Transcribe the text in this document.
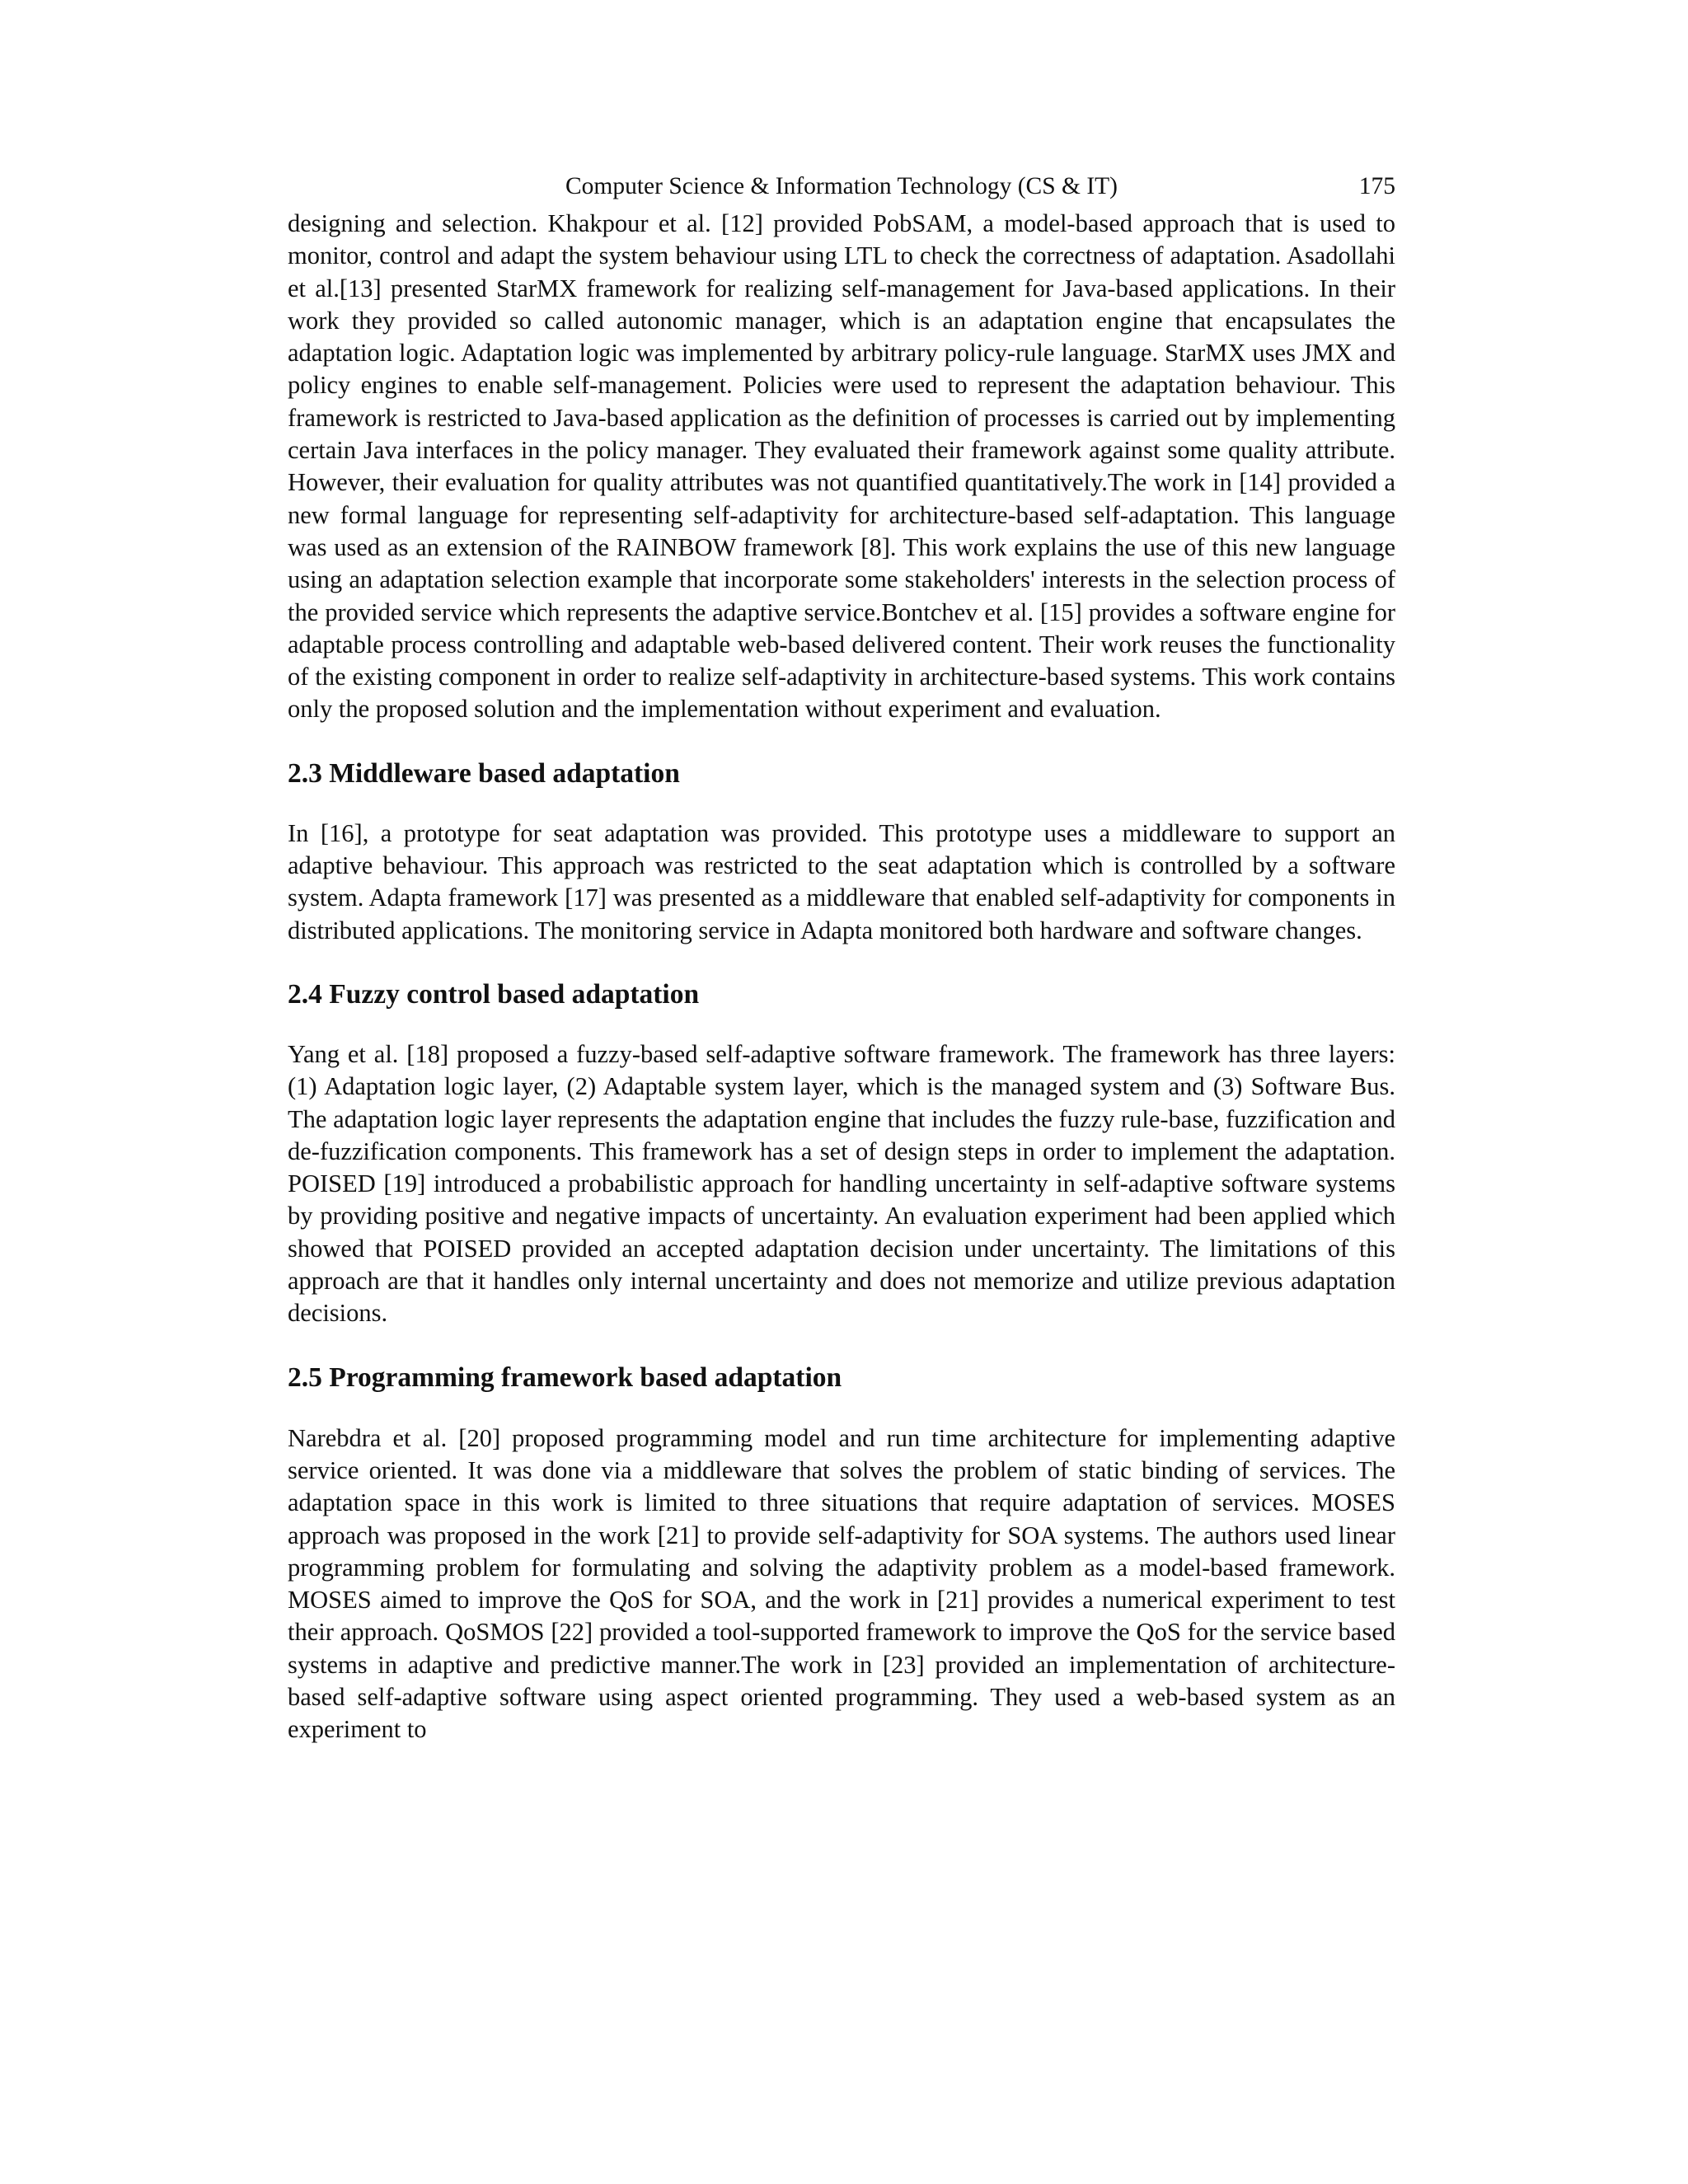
Computer Science & Information Technology (CS & IT)	175

designing and selection. Khakpour et al. [12] provided PobSAM, a model-based approach that is used to monitor, control and adapt the system behaviour using LTL to check the correctness of adaptation. Asadollahi et al.[13] presented StarMX framework for realizing self-management for Java-based applications. In their work they provided so called autonomic manager, which is an adaptation engine that encapsulates the adaptation logic. Adaptation logic was implemented by arbitrary policy-rule language. StarMX uses JMX and policy engines to enable self-management. Policies were used to represent the adaptation behaviour. This framework is restricted to Java-based application as the definition of processes is carried out by implementing certain Java interfaces in the policy manager. They evaluated their framework against some quality attribute. However, their evaluation for quality attributes was not quantified quantitatively.The work in [14] provided a new formal language for representing self-adaptivity for architecture-based self-adaptation. This language was used as an extension of the RAINBOW framework [8]. This work explains the use of this new language using an adaptation selection example that incorporate some stakeholders' interests in the selection process of the provided service which represents the adaptive service.Bontchev et al. [15] provides a software engine for adaptable process controlling and adaptable web-based delivered content. Their work reuses the functionality of the existing component in order to realize self-adaptivity in architecture-based systems. This work contains only the proposed solution and the implementation without experiment and evaluation.

2.3 Middleware based adaptation

In [16], a prototype for seat adaptation was provided. This prototype uses a middleware to support an adaptive behaviour. This approach was restricted to the seat adaptation which is controlled by a software system. Adapta framework [17] was presented as a middleware that enabled self-adaptivity for components in distributed applications. The monitoring service in Adapta monitored both hardware and software changes.

2.4 Fuzzy control based adaptation

Yang et al. [18] proposed a fuzzy-based self-adaptive software framework. The framework has three layers: (1) Adaptation logic layer, (2) Adaptable system layer, which is the managed system and (3) Software Bus. The adaptation logic layer represents the adaptation engine that includes the fuzzy rule-base, fuzzification and de-fuzzification components. This framework has a set of design steps in order to implement the adaptation. POISED [19] introduced a probabilistic approach for handling uncertainty in self-adaptive software systems by providing positive and negative impacts of uncertainty. An evaluation experiment had been applied which showed that POISED provided an accepted adaptation decision under uncertainty. The limitations of this approach are that it handles only internal uncertainty and does not memorize and utilize previous adaptation decisions.

2.5 Programming framework based adaptation

Narebdra et al. [20] proposed programming model and run time architecture for implementing adaptive service oriented. It was done via a middleware that solves the problem of static binding of services. The adaptation space in this work is limited to three situations that require adaptation of services. MOSES approach was proposed in the work [21] to provide self-adaptivity for SOA systems. The authors used linear programming problem for formulating and solving the adaptivity problem as a model-based framework. MOSES aimed to improve the QoS for SOA, and the work in [21] provides a numerical experiment to test their approach. QoSMOS [22] provided a tool-supported framework to improve the QoS for the service based systems in adaptive and predictive manner.The work in [23] provided an implementation of architecture-based self-adaptive software using aspect oriented programming. They used a web-based system as an experiment to
